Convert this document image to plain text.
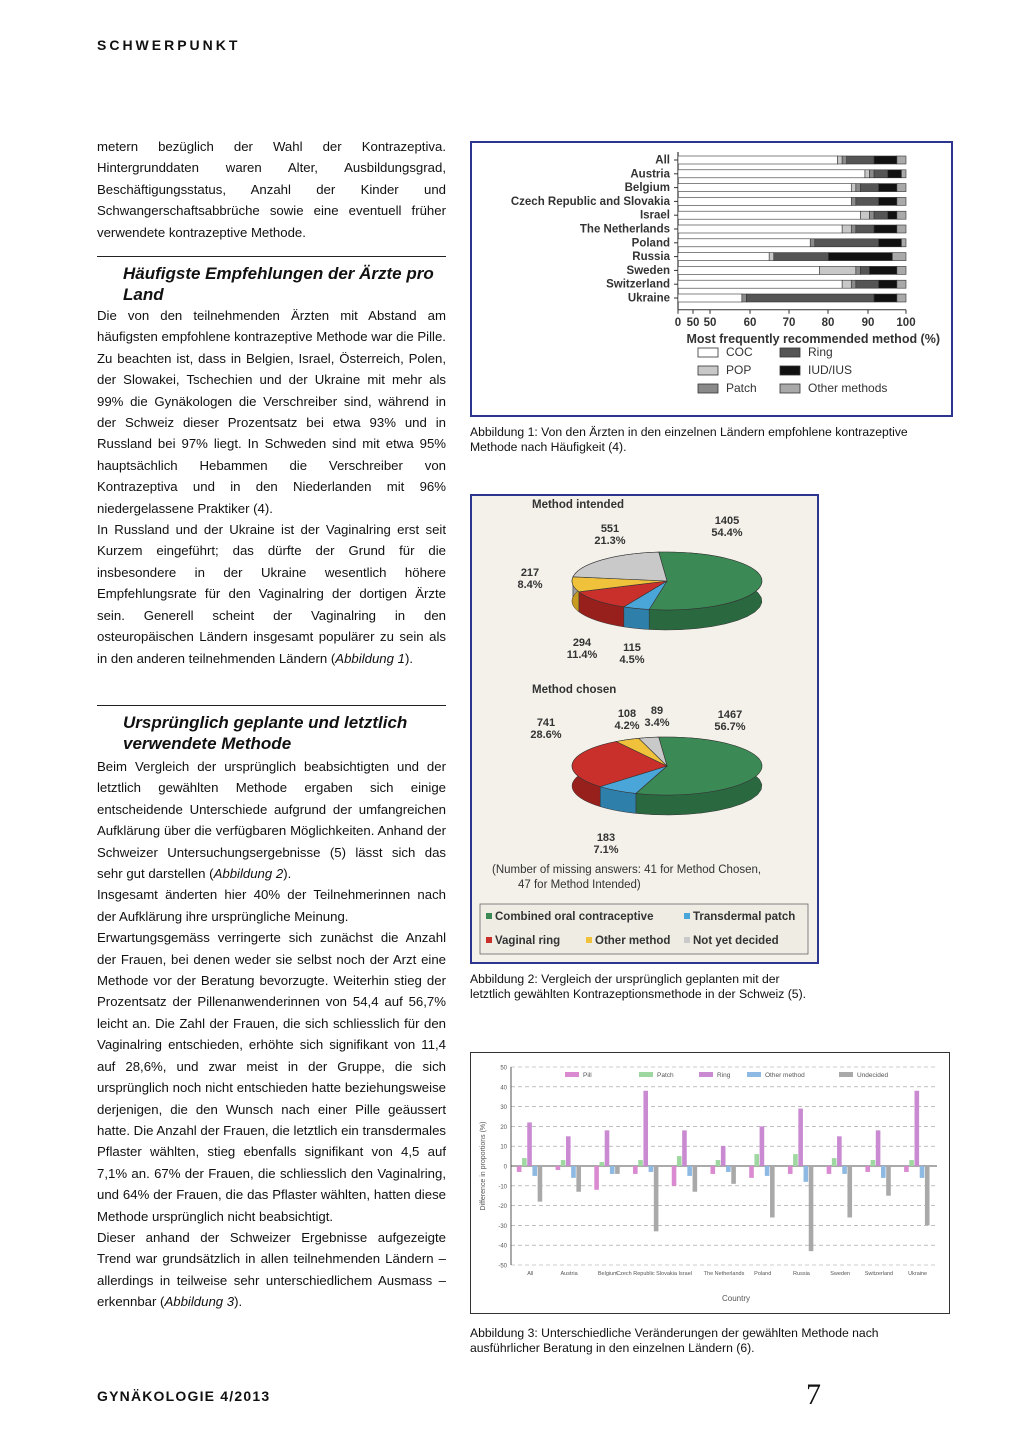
SCHWERPUNKT

metern bezüglich der Wahl der Kontrazeptiva. Hintergrunddaten waren Alter, Ausbildungsgrad, Beschäftigungsstatus, Anzahl der Kinder und Schwangerschaftsabbrüche sowie eine eventuell früher verwendete kontrazeptive Methode.

Häufigste Empfehlungen der Ärzte pro Land

Die von den teilnehmenden Ärzten mit Abstand am häufigsten empfohlene kontrazeptive Methode war die Pille.

Zu beachten ist, dass in Belgien, Israel, Österreich, Polen, der Slowakei, Tschechien und der Ukraine mit mehr als 99% die Gynäkologen die Verschreiber sind, während in der Schweiz dieser Prozentsatz bei etwa 93% und in Russland bei 97% liegt. In Schweden sind mit etwa 95% hauptsächlich Hebammen die Verschreiber von Kontrazeptiva und in den Niederlanden mit 96% niedergelassene Praktiker (4).

In Russland und der Ukraine ist der Vaginalring erst seit Kurzem eingeführt; das dürfte der Grund für die insbesondere in der Ukraine wesentlich höhere Empfehlungsrate für den Vaginalring der dortigen Ärzte sein. Generell scheint der Vaginalring in den osteuropäischen Ländern insgesamt populärer zu sein als in den anderen teilnehmenden Ländern (Abbildung 1).

Ursprünglich geplante und letztlich verwendete Methode

Beim Vergleich der ursprünglich beabsichtigten und der letztlich gewählten Methode ergaben sich einige entscheidende Unterschiede aufgrund der umfangreichen Aufklärung über die verfügbaren Möglichkeiten. Anhand der Schweizer Untersuchungsergebnisse (5) lässt sich das sehr gut darstellen (Abbildung 2).

Insgesamt änderten hier 40% der Teilnehmerinnen nach der Aufklärung ihre ursprüngliche Meinung.

Erwartungsgemäss verringerte sich zunächst die Anzahl der Frauen, bei denen weder sie selbst noch der Arzt eine Methode vor der Beratung bevorzugte. Weiterhin stieg der Prozentsatz der Pillenanwenderinnen von 54,4 auf 56,7% leicht an. Die Zahl der Frauen, die sich schliesslich für den Vaginalring entschieden, erhöhte sich signifikant von 11,4 auf 28,6%, und zwar meist in der Gruppe, die sich ursprünglich noch nicht entschieden hatte beziehungsweise derjenigen, die den Wunsch nach einer Pille geäussert hatte. Die Anzahl der Frauen, die letztlich ein transdermales Pflaster wählten, stieg ebenfalls signifikant von 4,5 auf 7,1% an. 67% der Frauen, die schliesslich den Vaginalring, und 64% der Frauen, die das Pflaster wählten, hatten diese Methode ursprünglich nicht beabsichtigt.

Dieser anhand der Schweizer Ergebnisse aufgezeigte Trend war grundsätzlich in allen teilnehmenden Ländern – allerdings in teilweise sehr unterschiedlichem Ausmass – erkennbar (Abbildung 3).

All
Austria
Belgium
Czech Republic and Slovakia
Israel
The Netherlands
Poland
Russia
Sweden
Switzerland
Ukraine
0 50 50 60 70 80 90 100
Most frequently recommended method (%)
COC	Ring
POP	IUD/IUS
Patch	Other methods
Abbildung 1: Von den Ärzten in den einzelnen Ländern empfohlene kontrazeptive Methode nach Häufigkeit (4).
Method intended
Method chosen
1405
54.4%
115
4.5%
294
11.4%
217
8.4%
551
21.3%
1467
56.7%
183
7.1%
741
28.6%
108
4.2%
89
3.4%
(Number of missing answers: 41 for Method Chosen,
47 for Method Intended)
Combined oral contraceptive	Transdermal patch
Vaginal ring	Other method Not yet decided
Abbildung 2: Vergleich der ursprünglich geplanten mit der letztlich gewählten Kontrazeptionsmethode in der Schweiz (5).
-50
-40
-30
-20
-10
0
10
20
30
40
50
Difference in proportions (%)
All	Austria	Belgium
Czech Republic Slovakia Israel The Netherlands Poland	Russia	Sweden	Switzerland	Ukraine
Country
Pill	Patch	Ring	Other method	Undecided
Abbildung 3: Unterschiedliche Veränderungen der gewählten Methode nach ausführlicher Beratung in den einzelnen Ländern (6).
GYNÄKOLOGIE 4/2013	7
